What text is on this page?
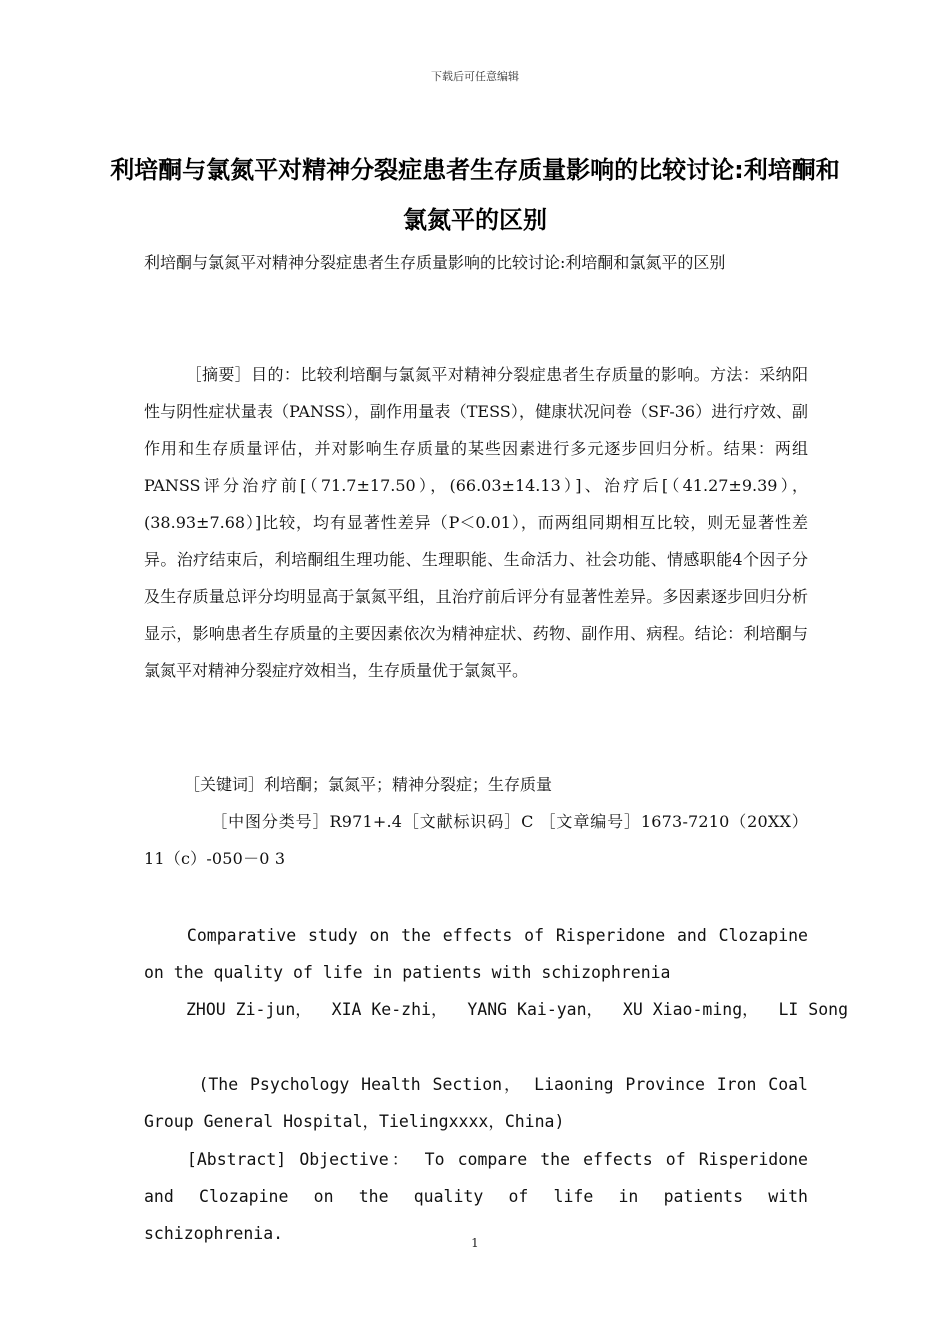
下载后可任意编辑
利培酮与氯氮平对精神分裂症患者生存质量影响的比较讨论:利培酮和氯氮平的区别
利培酮与氯氮平对精神分裂症患者生存质量影响的比较讨论:利培酮和氯氮平的区别
［摘要］目的：比较利培酮与氯氮平对精神分裂症患者生存质量的影响。方法：采纳阳性与阴性症状量表（PANSS），副作用量表（TESS），健康状况问卷（SF-36）进行疗效、副作用和生存质量评估，并对影响生存质量的某些因素进行多元逐步回归分析。结果：两组PANSS评分治疗前[（71.7±17.50），(66.03±14.13）]、治疗后[（41.27±9.39），(38.93±7.68）]比较，均有显著性差异（P＜0.01），而两组同期相互比较，则无显著性差异。治疗结束后，利培酮组生理功能、生理职能、生命活力、社会功能、情感职能4个因子分及生存质量总评分均明显高于氯氮平组，且治疗前后评分有显著性差异。多因素逐步回归分析显示，影响患者生存质量的主要因素依次为精神症状、药物、副作用、病程。结论：利培酮与氯氮平对精神分裂症疗效相当，生存质量优于氯氮平。
［关键词］利培酮；氯氮平；精神分裂症；生存质量
［中图分类号］R971+.4［文献标识码］C ［文章编号］1673-7210（20XX）11（c）-050－0 3
Comparative study on the effects of Risperidone and Clozapine on the quality of life in patients with schizophrenia
ZHOU Zi-jun，  XIA Ke-zhi，  YANG Kai-yan，  XU Xiao-ming，  LI Song
(The Psychology Health Section， Liaoning Province Iron Coal Group General Hospital，Tielingxxxx，China)
[Abstract] Objective： To compare the effects of Risperidone and Clozapine on the quality of life in patients with schizophrenia.	1
